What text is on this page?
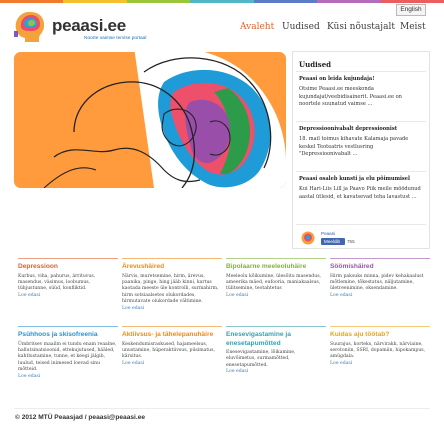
English
peaasi.ee
Noorte vaimse tervise portaal
Avaleht Uudised Küsi nõustajalt Meist
Uudised
Peaasi on leida kujundaja!
Otsime Peaasi.ee meeskonda kujundajat/veebidisainerit. Peaasi.ee on noortele suunatud vaimse ...
Depressioonivabalt depressioonist
18. mail toimus kihavate Kalamaja pavade keskel Teoteatris vestlusring "Depressioonivabalt ...
Peaasi osaleb kunsti ja elu põimumisel
Kui Hari-Liis Lill ja Paavo Piik meile möödunud aastal ütlesid, et kavatsevad teha lavastust ...
Peaasi
Meeldib	755
Depressioon
Kurbus, viha, pahurus, ärrituvus, masendus, väsimus, loobumus, tühjustunne, süüd, konfliktid.
Loe edasi
Ärevushäired
Närvis, muretsemine, hirm, ärevus, paanika, pinge, hing jääb kinni, kartus kaotada meeste üle kontrolli, surmahirm, hirm sotsiaalsetes olukordades, hirmutavate olukordade vältimine.
Loe edasi
Bipolaarne meeleoluhäire
Meeleolu kõikumine, ülesõitu masendus, ameerika mäed, eufooria, maniakaalsus, tülitsemine, teotahtetus
Loe edasi
Söömishäired
Hirm paksuks minna, pidev kehakaalust mõtlemine, tõkestatus, näljutamine, ületreenimine, oksendamine.
Loe edasi
Psühhoos ja skisofreenia
Ümbritsev maailm ei tundu enam reaalne, hallutsinatsioonid, ettekujutused, hääled, kahtlustamine, tunne, et keegi jälgib, luulud, teised inimesed loevad sinu mõtteid.
Loe edasi
Aktiivsus- ja tähelepanuhäire
Keskendumisraskused, hajameelsus, unustamine, hüperaktiivsus, püsimatus, kärsitus.
Loe edasi
Enesevigastamine ja enesetapumõtted
Enesevigastamine, lõikamine, eluvõimetus, surmamõtted, enesetapumõtted.
Loe edasi
Kuidas aju töötab?
Suurajus, korteks, närvirakk, närviaine, serotoniin, SSRI, dopamiin, hipokampus, amügdala.
Loe edasi
© 2012 MTÜ Peaasjad / peaasi@peaasi.ee
